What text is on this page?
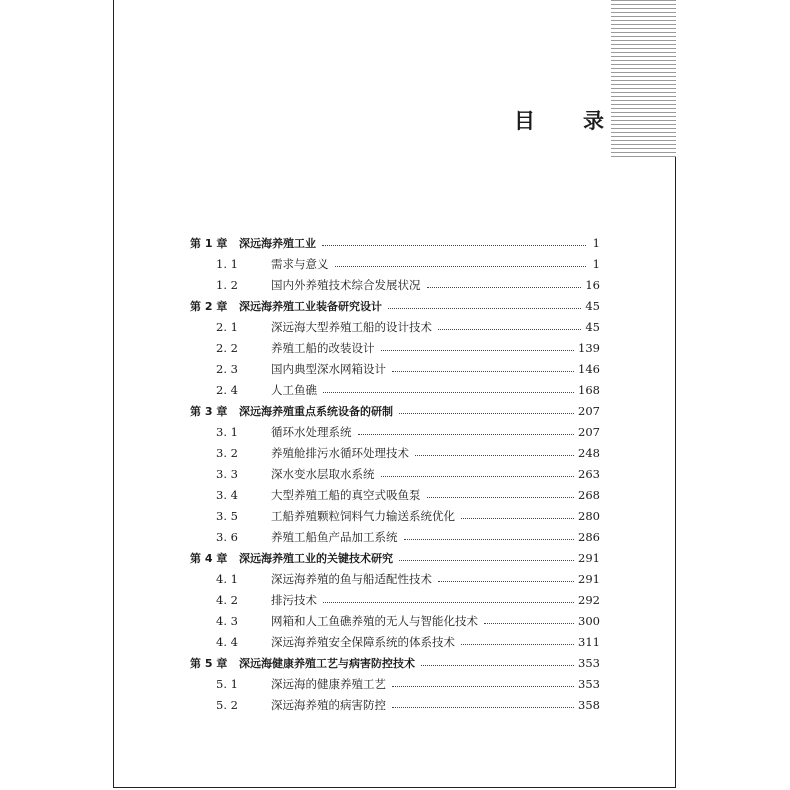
目 录
第 1 章	深远海养殖工业	1
1. 1	需求与意义	1
1. 2	国内外养殖技术综合发展状况	16
第 2 章	深远海养殖工业装备研究设计	45
2. 1	深远海大型养殖工船的设计技术	45
2. 2	养殖工船的改装设计	139
2. 3	国内典型深水网箱设计	146
2. 4	人工鱼礁	168
第 3 章	深远海养殖重点系统设备的研制	207
3. 1	循环水处理系统	207
3. 2	养殖舱排污水循环处理技术	248
3. 3	深水变水层取水系统	263
3. 4	大型养殖工船的真空式吸鱼泵	268
3. 5	工船养殖颗粒饲料气力输送系统优化	280
3. 6	养殖工船鱼产品加工系统	286
第 4 章	深远海养殖工业的关键技术研究	291
4. 1	深远海养殖的鱼与船适配性技术	291
4. 2	排污技术	292
4. 3	网箱和人工鱼礁养殖的无人与智能化技术	300
4. 4	深远海养殖安全保障系统的体系技术	311
第 5 章	深远海健康养殖工艺与病害防控技术	353
5. 1	深远海的健康养殖工艺	353
5. 2	深远海养殖的病害防控	358
